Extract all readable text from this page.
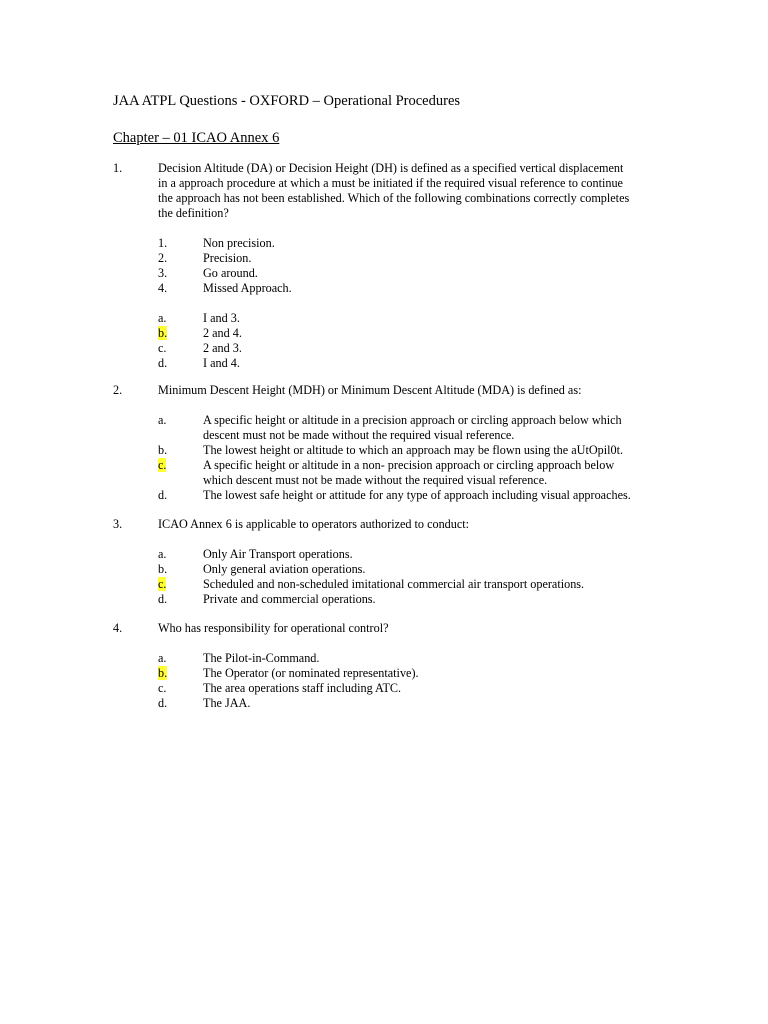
JAA ATPL Questions - OXFORD – Operational Procedures
Chapter – 01 ICAO Annex 6
1.	Decision Altitude (DA) or Decision Height (DH) is defined as a specified vertical displacement
in a approach procedure at which a must be initiated if the required visual reference to continue
the approach has not been established. Which of the following combinations correctly completes
the definition?
1.	Non precision.
2.	Precision.
3.	Go around.
4.	Missed Approach.
a.	I and 3.
b.	2 and 4.
c.	2 and 3.
d.	I and 4.
2.	Minimum Descent Height (MDH) or Minimum Descent Altitude (MDA) is defined as:
a.	A specific height or altitude in a precision approach or circling approach below which
descent must not be made without the required visual reference.
b.	The lowest height or altitude to which an approach may be flown using the aUtOpil0t.
c.	A specific height or altitude in a non- precision approach or circling approach below
which descent must not be made without the required visual reference.
d.	The lowest safe height or attitude for any type of approach including visual approaches.
3.	ICAO Annex 6 is applicable to operators authorized to conduct:
a.	Only Air Transport operations.
b.	Only general aviation operations.
c.	Scheduled and non-scheduled imitational commercial air transport operations.
d.	Private and commercial operations.
4.	Who has responsibility for operational control?
a.	The Pilot-in-Command.
b.	The Operator (or nominated representative).
c.	The area operations staff including ATC.
d.	The JAA.
